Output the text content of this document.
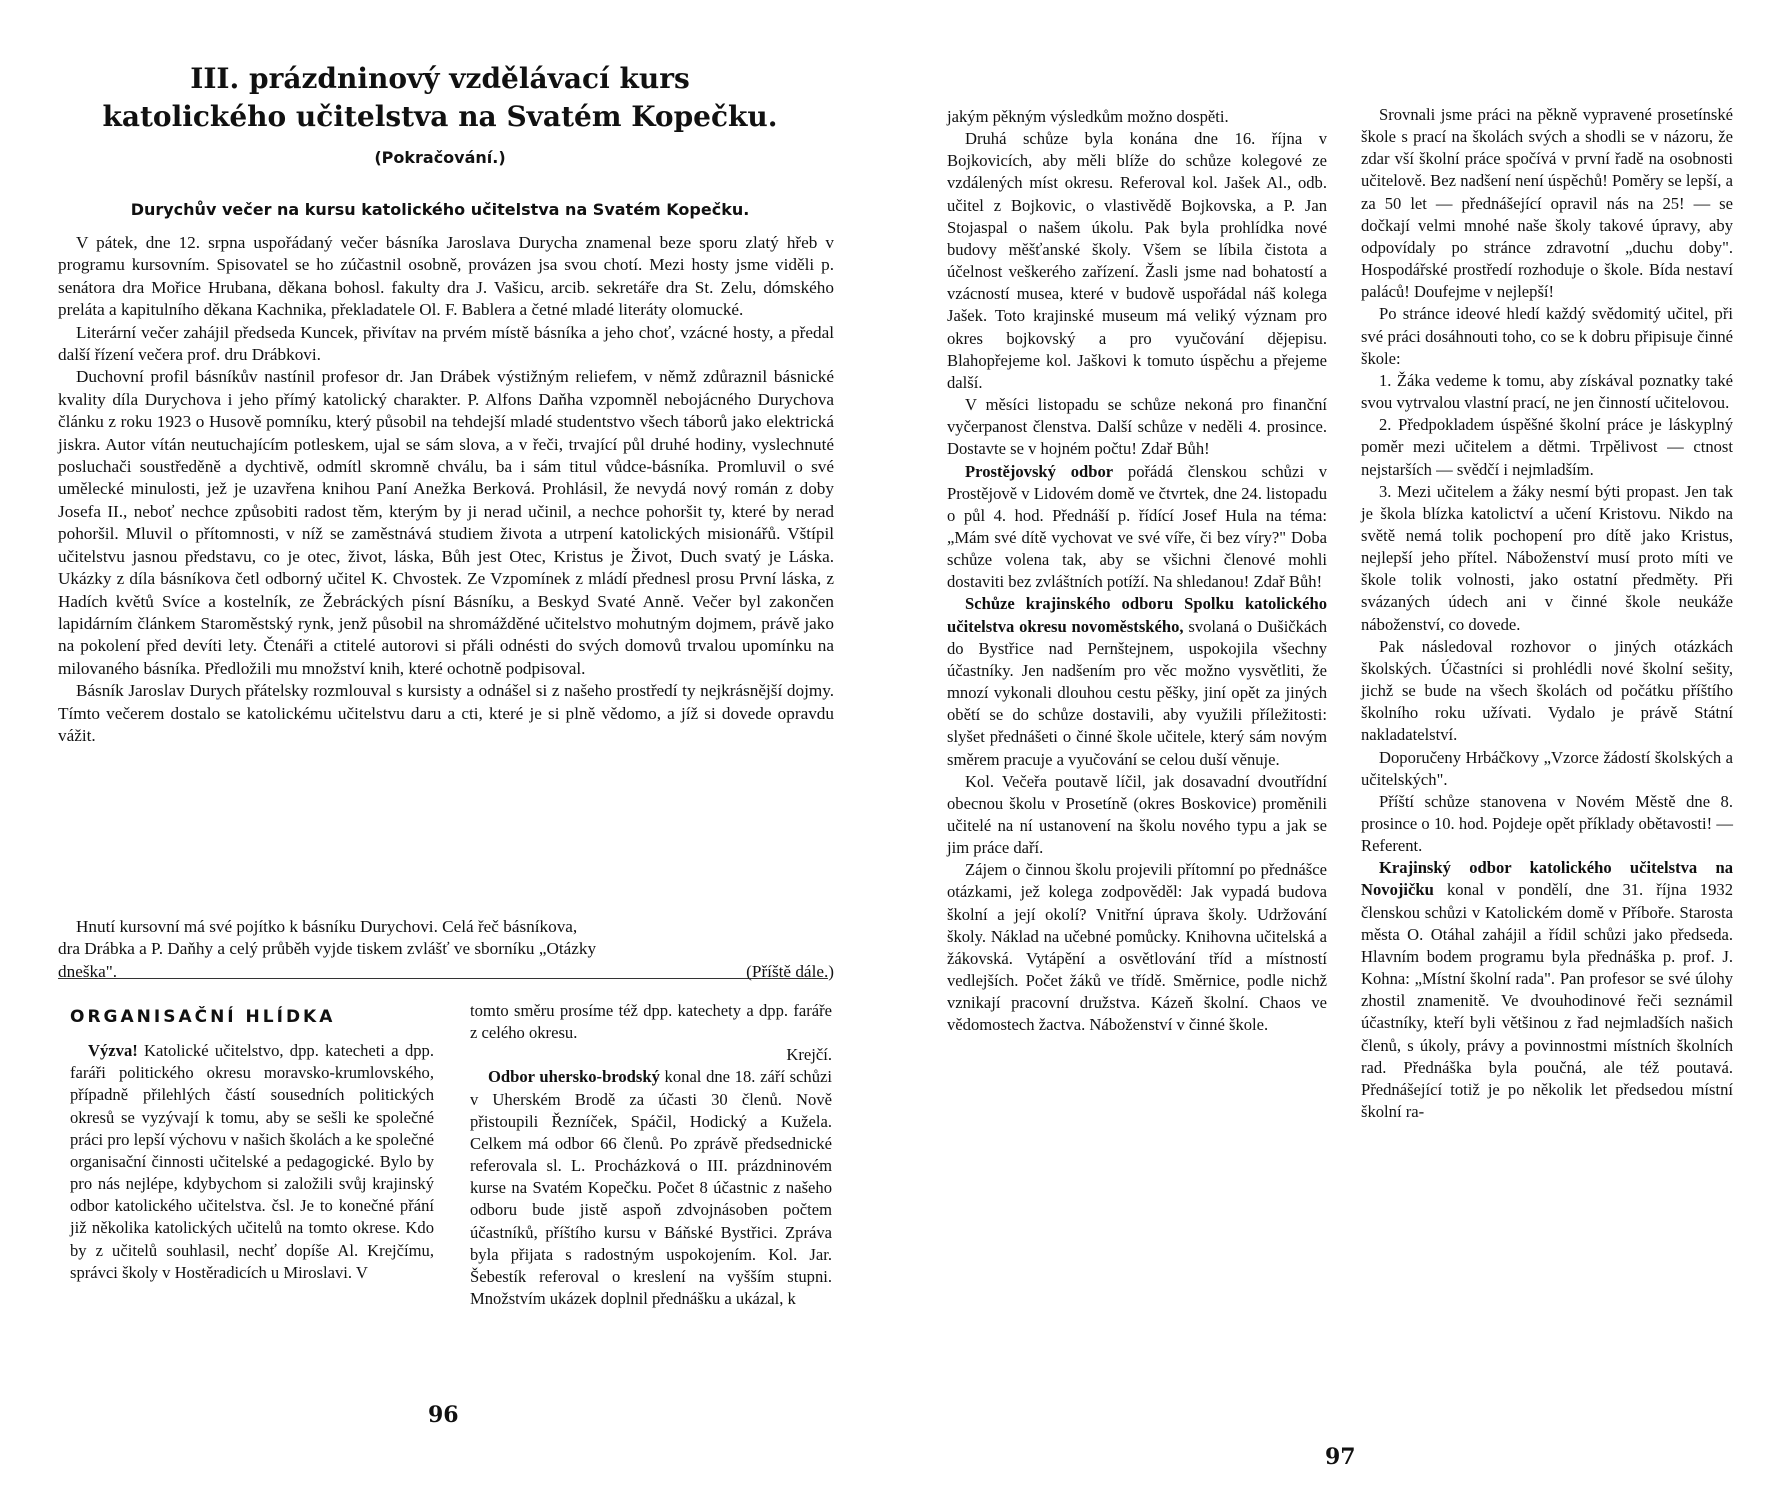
III. prázdninový vzdělávací kurs
katolického učitelstva na Svatém Kopečku.
(Pokračování.)
Durychův večer na kursu katolického učitelstva na Svatém Kopečku.

V pátek, dne 12. srpna uspořádaný večer básníka Jaroslava Durycha znamenal beze sporu zlatý hřeb v programu kursovním. Spisovatel se ho zúčastnil osobně, provázen jsa svou chotí. Mezi hosty jsme viděli p. senátora dra Mořice Hrubana, děkana bohosl. fakulty dra J. Vašicu, arcib. sekretáře dra St. Zelu, dómského preláta a kapitulního děkana Kachnika, překladatele Ol. F. Bablera a četné mladé literáty olomucké.

Literární večer zahájil předseda Kuncek, přivítav na prvém místě básníka a jeho choť, vzácné hosty, a předal další řízení večera prof. dru Drábkovi.

Duchovní profil básníkův nastínil profesor dr. Jan Drábek výstižným reliefem, v němž zdůraznil básnické kvality díla Durychova i jeho přímý katolický charakter. P. Alfons Daňha vzpomněl nebojácného Durychova článku z roku 1923 o Husově pomníku, který působil na tehdejší mladé studentstvo všech táborů jako elektrická jiskra. Autor vítán neutuchajícím potleskem, ujal se sám slova, a v řeči, trvající půl druhé hodiny, vyslechnuté posluchači soustředěně a dychtivě, odmítl skromně chválu, ba i sám titul vůdce-básníka. Promluvil o své umělecké minulosti, jež je uzavřena knihou Paní Anežka Berková. Prohlásil, že nevydá nový román z doby Josefa II., neboť nechce způsobiti radost těm, kterým by ji nerad učinil, a nechce pohoršit ty, které by nerad pohoršil. Mluvil o přítomnosti, v níž se zaměstnává studiem života a utrpení katolických misionářů. Vštípil učitelstvu jasnou představu, co je otec, život, láska, Bůh jest Otec, Kristus je Život, Duch svatý je Láska. Ukázky z díla básníkova četl odborný učitel K. Chvostek. Ze Vzpomínek z mládí přednesl prosu První láska, z Hadích květů Svíce a kostelník, ze Žebráckých písní Básníku, a Beskyd Svaté Anně. Večer byl zakončen lapidárním článkem Staroměstský rynk, jenž působil na shromážděné učitelstvo mohutným dojmem, právě jako na pokolení před devíti lety. Čtenáři a ctitelé autorovi si přáli odnésti do svých domovů trvalou upomínku na milovaného básníka. Předložili mu množství knih, které ochotně podpisoval.

Básník Jaroslav Durych přátelsky rozmlouval s kursisty a odnášel si z našeho prostředí ty nejkrásnější dojmy. Tímto večerem dostalo se katolickému učitelstvu daru a cti, které je si plně vědomo, a jíž si dovede opravdu vážit.

Hnutí kursovní má své pojítko k básníku Durychovi. Celá řeč básníkova,
dra Drábka a P. Daňhy a celý průběh vyjde tiskem zvlášť ve sborníku „Otázky
dneška".	(Příště dále.)
ORGANISAČNÍ HLÍDKA

Výzva! Katolické učitelstvo, dpp. katecheti a dpp. faráři politického okresu moravsko-krumlovského, případně přilehlých částí sousedních politických okresů se vyzývají k tomu, aby se sešli ke společné práci pro lepší výchovu v našich školách a ke společné organisační činnosti učitelské a pedagogické. Bylo by pro nás nejlépe, kdybychom si založili svůj krajinský odbor katolického učitelstva. čsl. Je to konečné přání již několika katolických učitelů na tomto okrese. Kdo by z učitelů souhlasil, nechť dopíše Al. Krejčímu, správci školy v Hostěradicích u Miroslavi. V

tomto směru prosíme též dpp. katechety a dpp. faráře z celého okresu.

Krejčí.

Odbor uhersko-brodský konal dne 18. září schůzi v Uherském Brodě za účasti 30 členů. Nově přistoupili Řezníček, Spáčil, Hodický a Kužela. Celkem má odbor 66 členů. Po zprávě předsednické referovala sl. L. Procházková o III. prázdninovém kurse na Svatém Kopečku. Počet 8 účastnic z našeho odboru bude jistě aspoň zdvojnásoben počtem účastníků, příštího kursu v Báňské Bystřici. Zpráva byla přijata s radostným uspokojením. Kol. Jar. Šebestík referoval o kreslení na vyšším stupni. Množstvím ukázek doplnil přednášku a ukázal, k

96

jakým pěkným výsledkům možno dospěti.

Druhá schůze byla konána dne 16. října v Bojkovicích, aby měli blíže do schůze kolegové ze vzdálených míst okresu. Referoval kol. Jašek Al., odb. učitel z Bojkovic, o vlastivědě Bojkovska, a P. Jan Stojaspal o našem úkolu. Pak byla prohlídka nové budovy měšťanské školy. Všem se líbila čistota a účelnost veškerého zařízení. Žasli jsme nad bohatostí a vzácností musea, které v budově uspořádal náš kolega Jašek. Toto krajinské museum má veliký význam pro okres bojkovský a pro vyučování dějepisu. Blahopřejeme kol. Jaškovi k tomuto úspěchu a přejeme další.

V měsíci listopadu se schůze nekoná pro finanční vyčerpanost členstva. Další schůze v neděli 4. prosince. Dostavte se v hojném počtu! Zdař Bůh!

Prostějovský odbor pořádá členskou schůzi v Prostějově v Lidovém domě ve čtvrtek, dne 24. listopadu o půl 4. hod. Přednáší p. řídící Josef Hula na téma: „Mám své dítě vychovat ve své víře, či bez víry?" Doba schůze volena tak, aby se všichni členové mohli dostaviti bez zvláštních potíží. Na shledanou! Zdař Bůh!

Schůze krajinského odboru Spolku katolického učitelstva okresu novoměstského, svolaná o Dušičkách do Bystřice nad Pernštejnem, uspokojila všechny účastníky. Jen nadšením pro věc možno vysvětliti, že mnozí vykonali dlouhou cestu pěšky, jiní opět za jiných obětí se do schůze dostavili, aby využili příležitosti: slyšet přednášeti o činné škole učitele, který sám novým směrem pracuje a vyučování se celou duší věnuje.

Kol. Večeřa poutavě líčil, jak dosavadní dvoutřídní obecnou školu v Prosetíně (okres Boskovice) proměnili učitelé na ní ustanovení na školu nového typu a jak se jim práce daří.

Zájem o činnou školu projevili přítomní po přednášce otázkami, jež kolega zodpověděl: Jak vypadá budova školní a její okolí? Vnitřní úprava školy. Udržování školy. Náklad na učebné pomůcky. Knihovna učitelská a žákovská. Vytápění a osvětlování tříd a místností vedlejších. Počet žáků ve třídě. Směrnice, podle nichž vznikají pracovní družstva. Kázeň školní. Chaos ve vědomostech žactva. Náboženství v činné škole.

Srovnali jsme práci na pěkně vypravené prosetínské škole s prací na školách svých a shodli se v názoru, že zdar vší školní práce spočívá v první řadě na osobnosti učitelově. Bez nadšení není úspěchů! Poměry se lepší, a za 50 let — přednášející opravil nás na 25! — se dočkají velmi mnohé naše školy takové úpravy, aby odpovídaly po stránce zdravotní „duchu doby". Hospodářské prostředí rozhoduje o škole. Bída nestaví paláců! Doufejme v nejlepší!

Po stránce ideové hledí každý svědomitý učitel, při své práci dosáhnouti toho, co se k dobru připisuje činné škole:

1. Žáka vedeme k tomu, aby získával poznatky také svou vytrvalou vlastní prací, ne jen činností učitelovou.

2. Předpokladem úspěšné školní práce je láskyplný poměr mezi učitelem a dětmi. Trpělivost — ctnost nejstarších — svědčí i nejmladším.

3. Mezi učitelem a žáky nesmí býti propast. Jen tak je škola blízka katolictví a učení Kristovu. Nikdo na světě nemá tolik pochopení pro dítě jako Kristus, nejlepší jeho přítel. Náboženství musí proto míti ve škole tolik volnosti, jako ostatní předměty. Při svázaných údech ani v činné škole neukáže náboženství, co dovede.

Pak následoval rozhovor o jiných otázkách školských. Účastníci si prohlédli nové školní sešity, jichž se bude na všech školách od počátku příštího školního roku užívati. Vydalo je právě Státní nakladatelství.

Doporučeny Hrbáčkovy „Vzorce žádostí školských a učitelských".

Příští schůze stanovena v Novém Městě dne 8. prosince o 10. hod. Pojdeje opět příklady obětavosti! — Referent.

Krajinský odbor katolického učitelstva na Novojičku konal v pondělí, dne 31. října 1932 členskou schůzi v Katolickém domě v Příboře. Starosta města O. Otáhal zahájil a řídil schůzi jako předseda. Hlavním bodem programu byla přednáška p. prof. J. Kohna: „Místní školní rada". Pan profesor se své úlohy zhostil znamenitě. Ve dvouhodinové řeči seznámil účastníky, kteří byli většinou z řad nejmladších našich členů, s úkoly, právy a povinnostmi místních školních rad. Přednáška byla poučná, ale též poutavá. Přednášející totiž je po několik let předsedou místní školní ra-

97
